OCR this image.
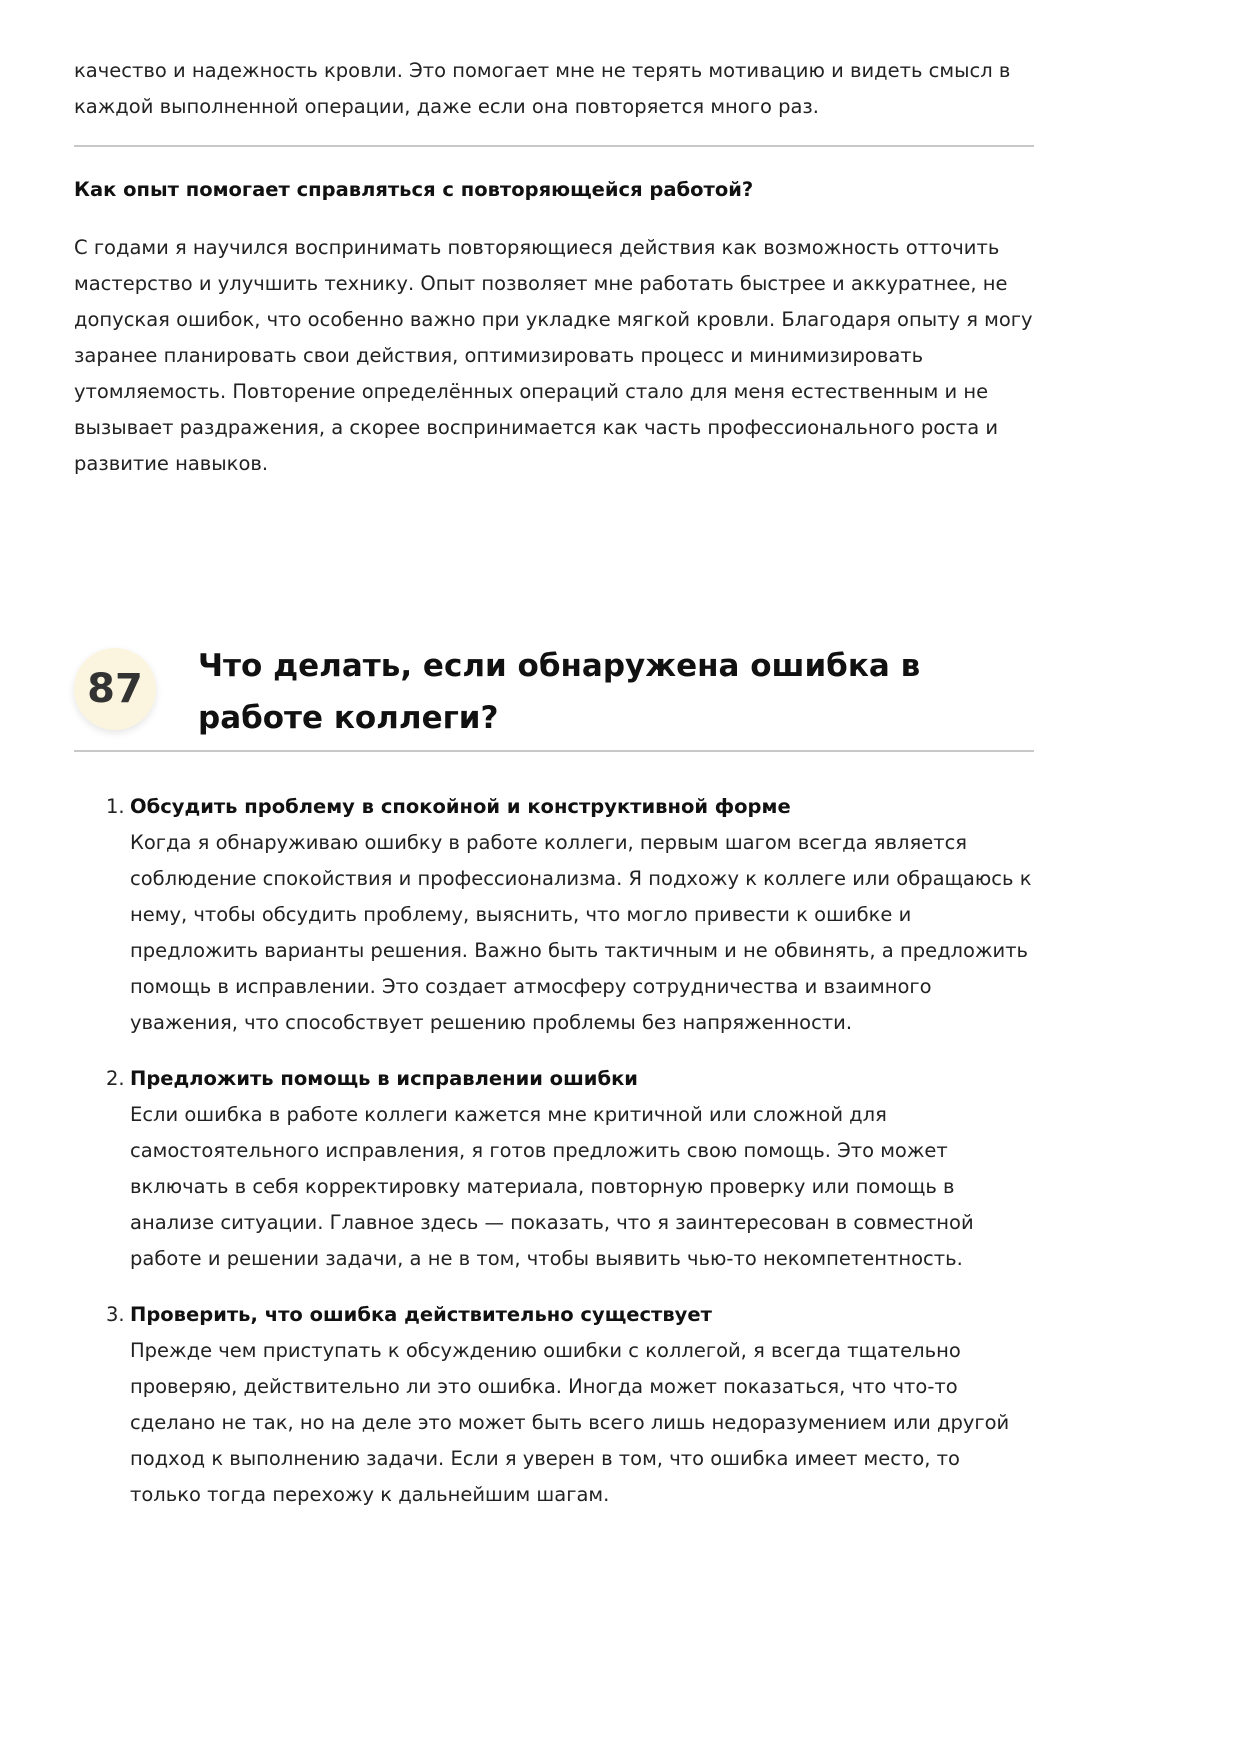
качество и надежность кровли. Это помогает мне не терять мотивацию и видеть смысл в каждой выполненной операции, даже если она повторяется много раз.

Как опыт помогает справляться с повторяющейся работой?

С годами я научился воспринимать повторяющиеся действия как возможность отточить мастерство и улучшить технику. Опыт позволяет мне работать быстрее и аккуратнее, не допуская ошибок, что особенно важно при укладке мягкой кровли. Благодаря опыту я могу заранее планировать свои действия, оптимизировать процесс и минимизировать утомляемость. Повторение определённых операций стало для меня естественным и не вызывает раздражения, а скорее воспринимается как часть профессионального роста и развитие навыков.

87	Что делать, если обнаружена ошибка в работе коллеги?
1. Обсудить проблему в спокойной и конструктивной форме

Когда я обнаруживаю ошибку в работе коллеги, первым шагом всегда является соблюдение спокойствия и профессионализма. Я подхожу к коллеге или обращаюсь к нему, чтобы обсудить проблему, выяснить, что могло привести к ошибке и предложить варианты решения. Важно быть тактичным и не обвинять, а предложить помощь в исправлении. Это создает атмосферу сотрудничества и взаимного уважения, что способствует решению проблемы без напряженности.

2. Предложить помощь в исправлении ошибки

Если ошибка в работе коллеги кажется мне критичной или сложной для самостоятельного исправления, я готов предложить свою помощь. Это может включать в себя корректировку материала, повторную проверку или помощь в анализе ситуации. Главное здесь — показать, что я заинтересован в совместной работе и решении задачи, а не в том, чтобы выявить чью-то некомпетентность.

3. Проверить, что ошибка действительно существует

Прежде чем приступать к обсуждению ошибки с коллегой, я всегда тщательно проверяю, действительно ли это ошибка. Иногда может показаться, что что-то сделано не так, но на деле это может быть всего лишь недоразумением или другой подход к выполнению задачи. Если я уверен в том, что ошибка имеет место, то только тогда перехожу к дальнейшим шагам.
